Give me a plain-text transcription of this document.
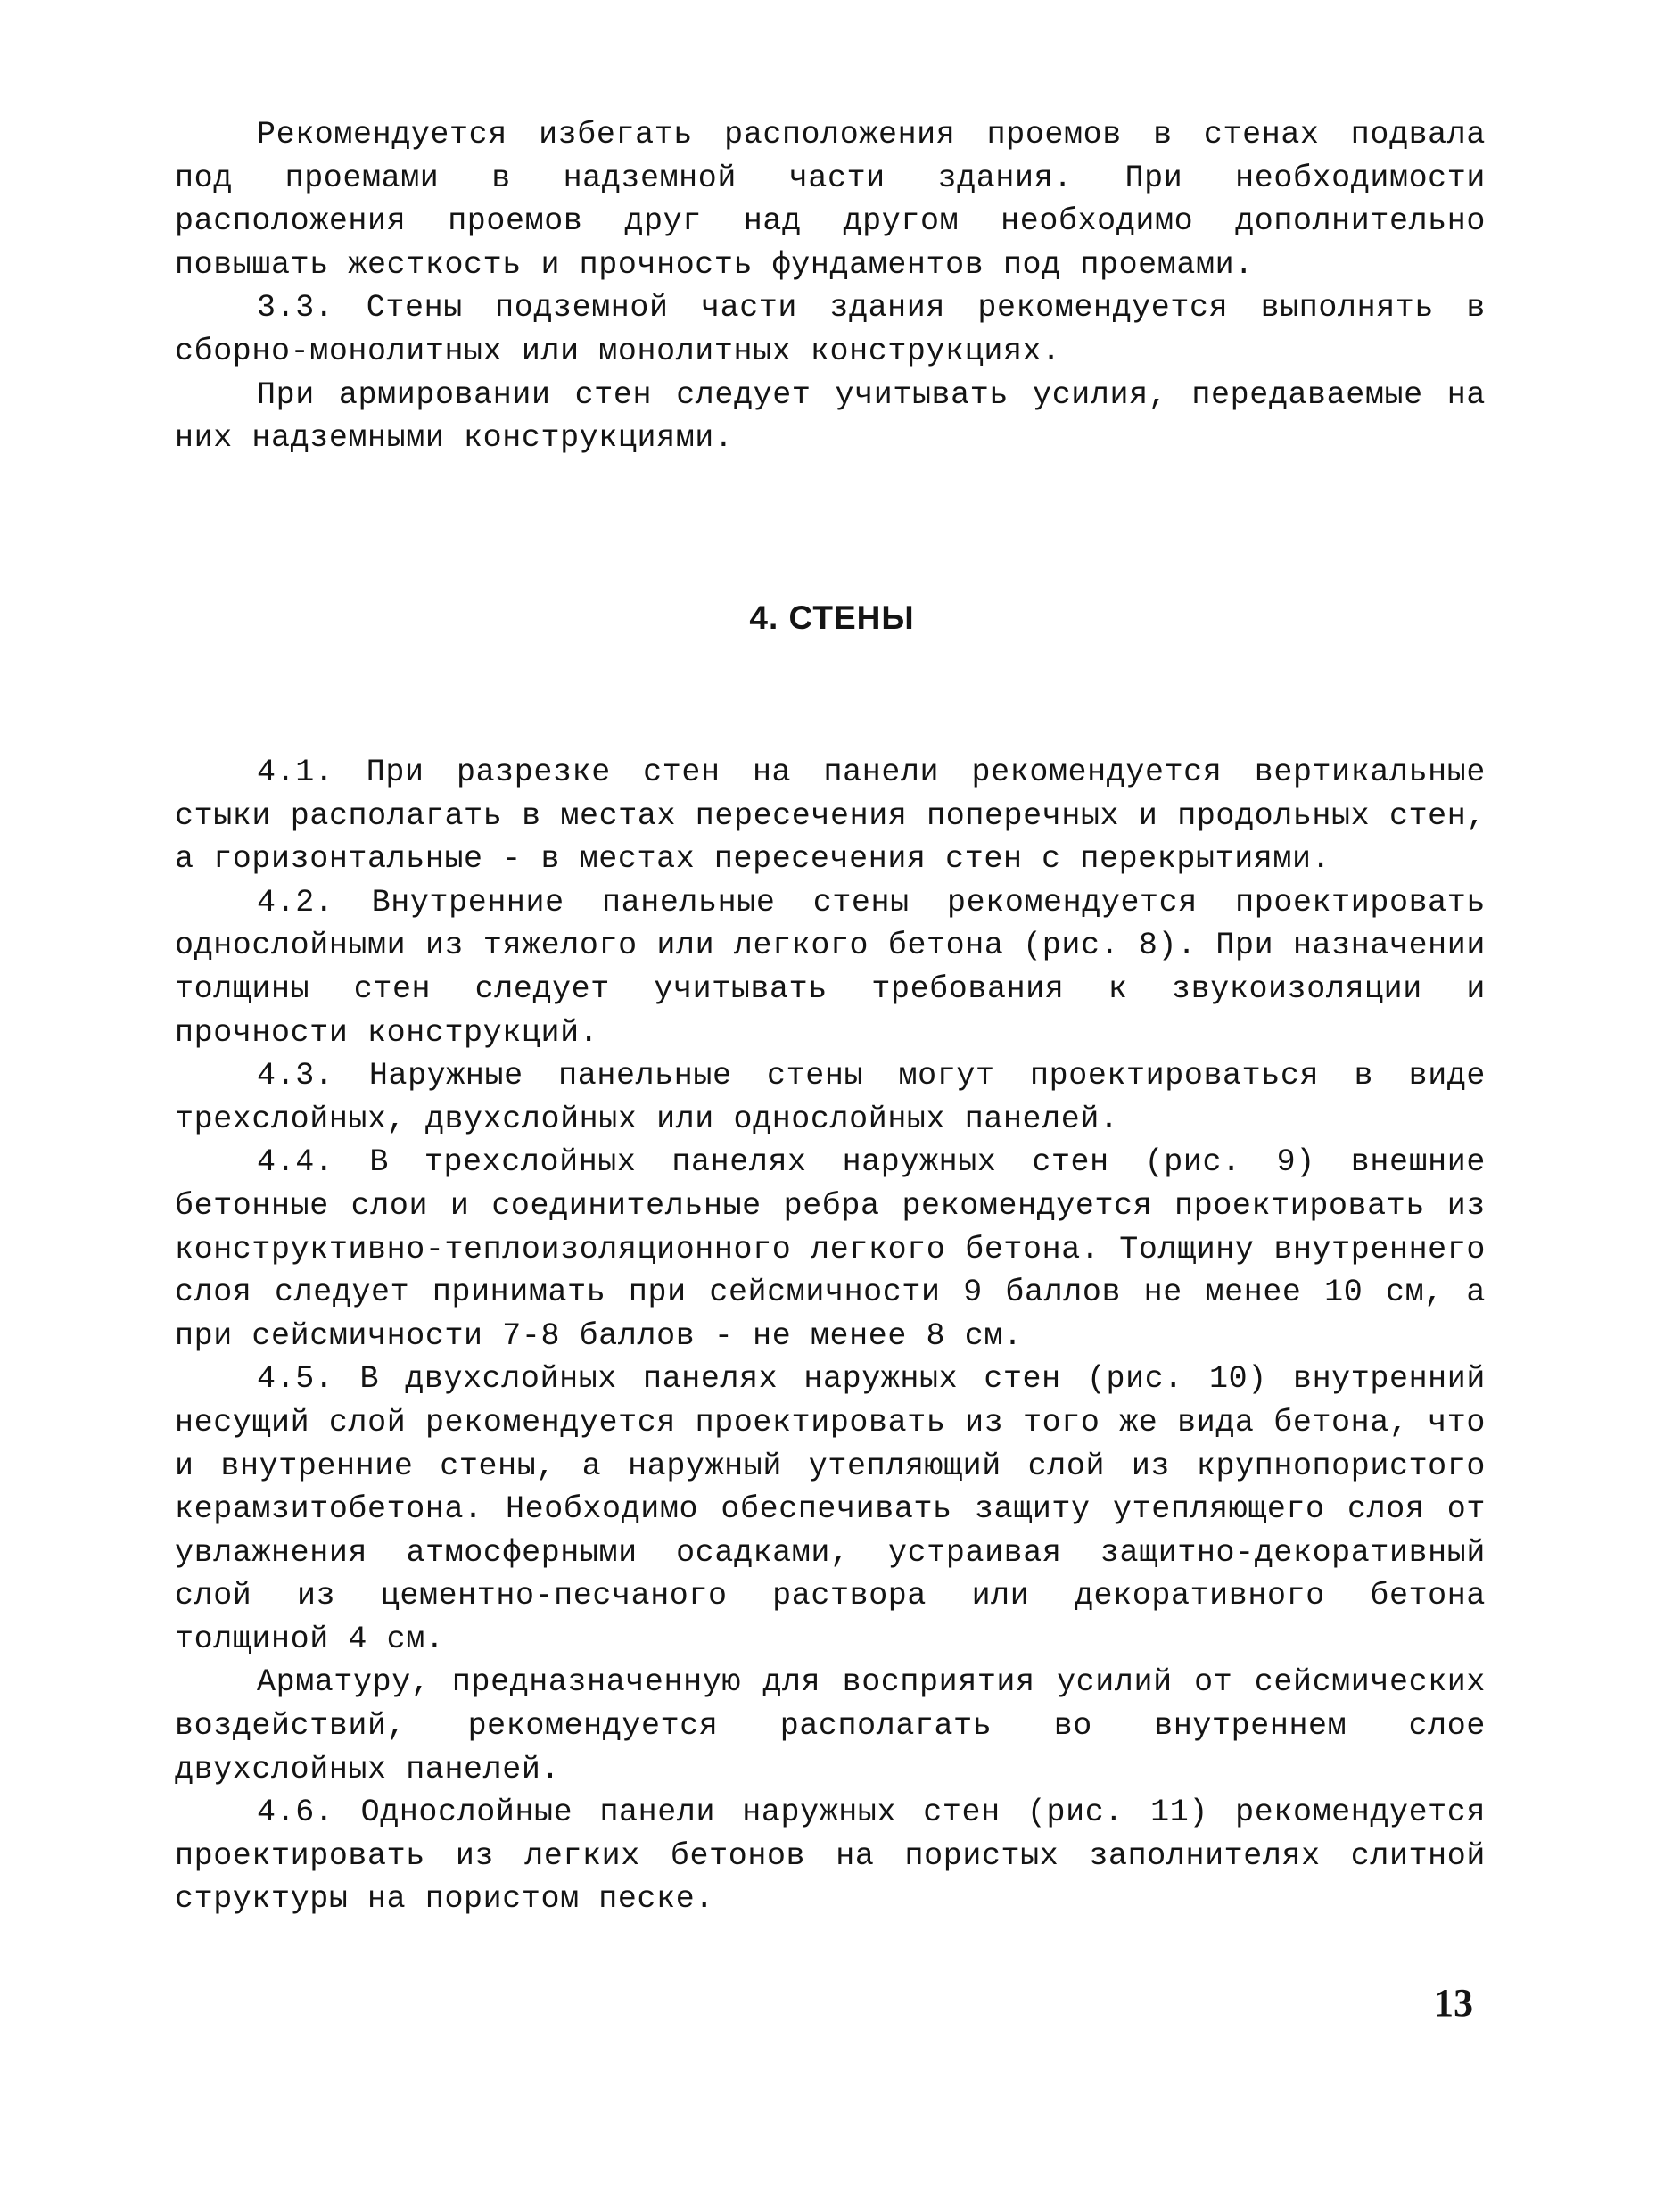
Рекомендуется избегать расположения проемов в стенах подвала под проемами в надземной части здания. При необходимости расположения проемов друг над другом необходимо дополнительно повышать жесткость и прочность фундаментов под проемами.

3.3. Стены подземной части здания рекомендуется выполнять в сборно-монолитных или монолитных конструкциях.

При армировании стен следует учитывать усилия, передаваемые на них надземными конструкциями.

4. СТЕНЫ

4.1. При разрезке стен на панели рекомендуется вертикальные стыки располагать в местах пересечения поперечных и продольных стен, а горизонтальные - в местах пересечения стен с перекрытиями.

4.2. Внутренние панельные стены рекомендуется проектировать однослойными из тяжелого или легкого бетона (рис. 8). При назначении толщины стен следует учитывать требования к звукоизоляции и прочности конструкций.

4.3. Наружные панельные стены могут проектироваться в виде трехслойных, двухслойных или однослойных панелей.

4.4. В трехслойных панелях наружных стен (рис. 9) внешние бетонные слои и соединительные ребра рекомендуется проектировать из конструктивно-теплоизоляционного легкого бетона. Толщину внутреннего слоя следует принимать при сейсмичности 9 баллов не менее 10 см, а при сейсмичности 7-8 баллов - не менее 8 см.

4.5. В двухслойных панелях наружных стен (рис. 10) внутренний несущий слой рекомендуется проектировать из того же вида бетона, что и внутренние стены, а наружный утепляющий слой из крупнопористого керамзитобетона. Необходимо обеспечивать защиту утепляющего слоя от увлажнения атмосферными осадками, устраивая защитно-декоративный слой из цементно-песчаного раствора или декоративного бетона толщиной 4 см.

Арматуру, предназначенную для восприятия усилий от сейсмических воздействий, рекомендуется располагать во внутреннем слое двухслойных панелей.

4.6. Однослойные панели наружных стен (рис. 11) рекомендуется проектировать из легких бетонов на пористых заполнителях слитной структуры на пористом песке.

13
